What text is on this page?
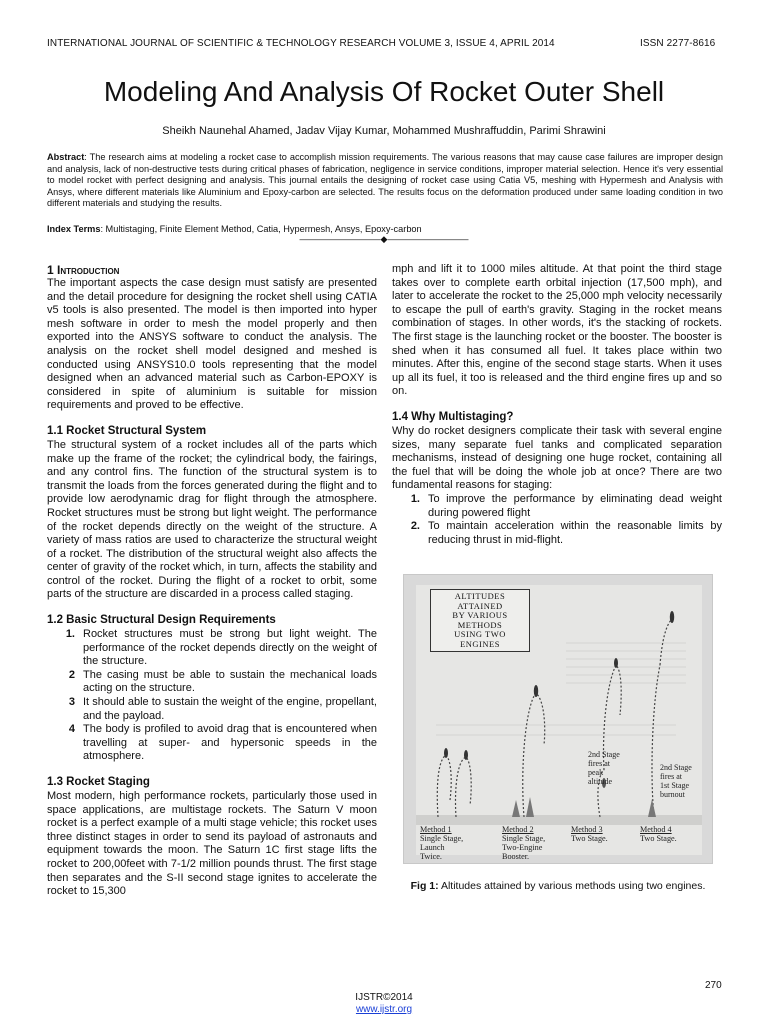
INTERNATIONAL JOURNAL OF SCIENTIFIC & TECHNOLOGY RESEARCH VOLUME 3, ISSUE 4, APRIL 2014	ISSN 2277-8616
Modeling And Analysis Of Rocket Outer Shell
Sheikh Naunehal Ahamed, Jadav Vijay Kumar, Mohammed Mushraffuddin, Parimi Shrawini
Abstract: The research aims at modeling a rocket case to accomplish mission requirements. The various reasons that may cause case failures are improper design and analysis, lack of non-destructive tests during critical phases of fabrication, negligence in service conditions, improper material selection. Hence it's very essential to model rocket with perfect designing and analysis. This journal entails the designing of rocket case using Catia V5, meshing with Hypermesh and Analysis with Ansys, where different materials like Aluminium and Epoxy-carbon are selected. The results focus on the deformation produced under same loading condition in two different materials and studying the results.
Index Terms: Multistaging, Finite Element Method, Catia, Hypermesh, Ansys, Epoxy-carbon
—————————◆—————————
1 Introduction

The important aspects the case design must satisfy are presented and the detail procedure for designing the rocket shell using CATIA v5 tools is also presented. The model is then imported into hyper mesh software in order to mesh the model properly and then exported into the ANSYS software to conduct the analysis. The analysis on the rocket shell model designed and meshed is conducted using ANSYS10.0 tools representing that the model designed when an advanced material such as Carbon-EPOXY is considered in spite of aluminium is suitable for mission requirements and proved to be effective.

1.1 Rocket Structural System

The structural system of a rocket includes all of the parts which make up the frame of the rocket; the cylindrical body, the fairings, and any control fins. The function of the structural system is to transmit the loads from the forces generated during the flight and to provide low aerodynamic drag for flight through the atmosphere. Rocket structures must be strong but light weight. The performance of the rocket depends directly on the weight of the structure. A variety of mass ratios are used to characterize the structural weight of a rocket. The distribution of the structural weight also affects the center of gravity of the rocket which, in turn, affects the stability and control of the rocket. During the flight of a rocket to orbit, some parts of the structure are discarded in a process called staging.

1.2 Basic Structural Design Requirements
1. Rocket structures must be strong but light weight. The performance of the rocket depends directly on the weight of the structure.
2 The casing must be able to sustain the mechanical loads acting on the structure.
3 It should able to sustain the weight of the engine, propellant, and the payload.
4 The body is profiled to avoid drag that is encountered when travelling at super- and hypersonic speeds in the atmosphere.
1.3 Rocket Staging

Most modern, high performance rockets, particularly those used in space applications, are multistage rockets. The Saturn V moon rocket is a perfect example of a multi stage vehicle; this rocket uses three distinct stages in order to send its payload of astronauts and equipment towards the moon. The Saturn 1C first stage lifts the rocket to 200,00feet with 7-1/2 million pounds thrust. The first stage then separates and the S-II second stage ignites to accelerate the rocket to 15,300

mph and lift it to 1000 miles altitude. At that point the third stage takes over to complete earth orbital injection (17,500 mph), and later to accelerate the rocket to the 25,000 mph velocity necessarily to escape the pull of earth's gravity. Staging in the rocket means combination of stages. In other words, it's the stacking of rockets. The first stage is the launching rocket or the booster. The booster is shed when it has consumed all fuel. It takes place within two minutes. After this, engine of the second stage starts. When it uses up all its fuel, it too is released and the third engine fires up and so on.

1.4 Why Multistaging?

Why do rocket designers complicate their task with several engine sizes, many separate fuel tanks and complicated separation mechanisms, instead of designing one huge rocket, containing all the fuel that will be doing the whole job at once? There are two fundamental reasons for staging:

1. To improve the performance by eliminating dead weight during powered flight
2. To maintain acceleration within the reasonable limits by reducing thrust in mid-flight.
ALTITUDES ATTAINED
BY VARIOUS METHODS
USING TWO ENGINES
2nd Stage
fires at
peak
altitude
2nd Stage
fires at
1st Stage
burnout
Method 1
Single Stage,
Launch
Twice.
Method 2
Single Stage,
Two-Engine
Booster.
Method 3
Two Stage.
Method 4
Two Stage.
Fig 1: Altitudes attained by various methods using two engines.
270
IJSTR©2014
www.ijstr.org
